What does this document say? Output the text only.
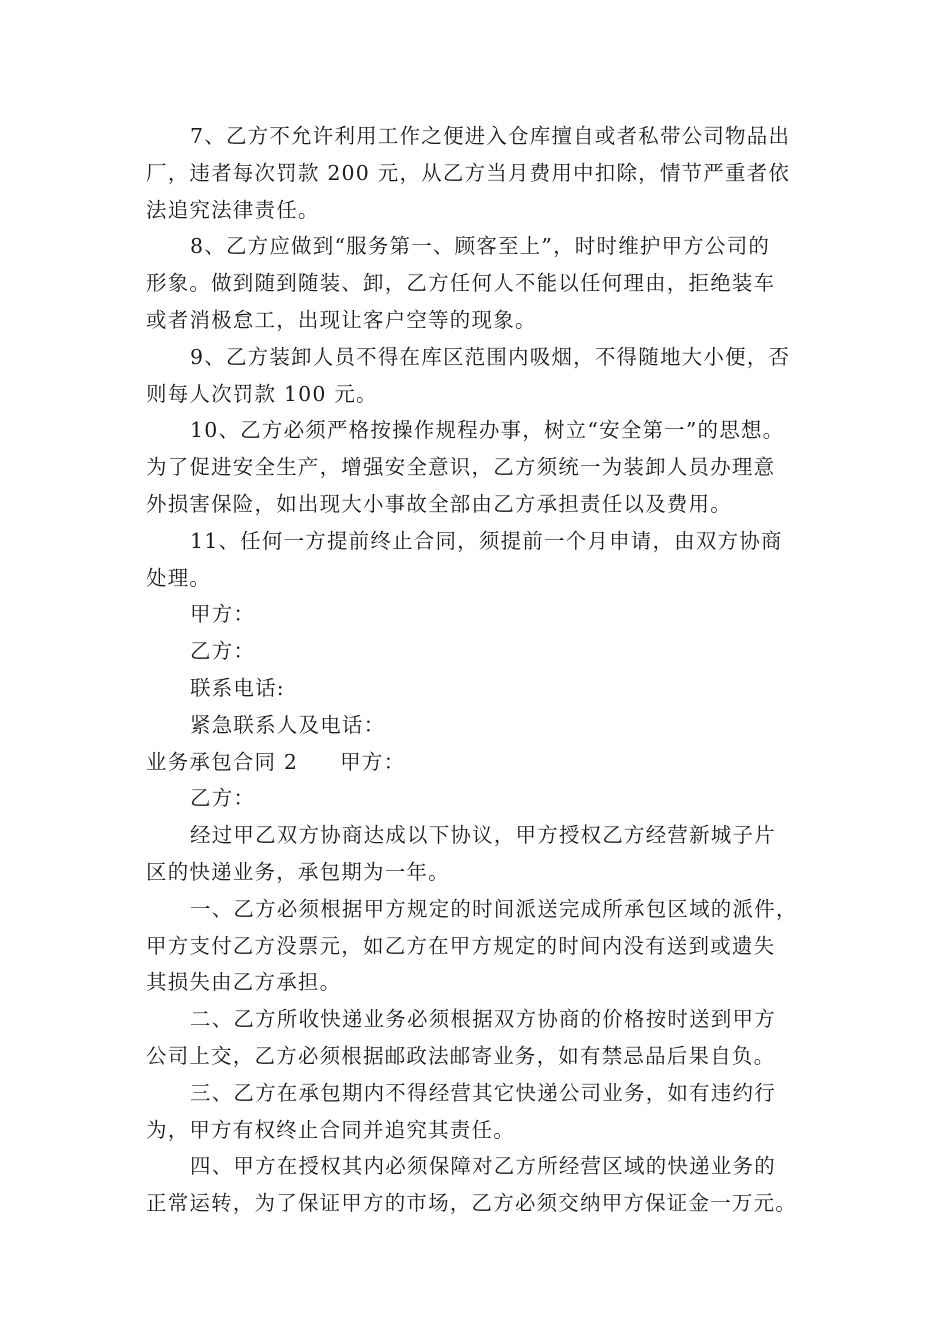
7、乙方不允许利用工作之便进入仓库擅自或者私带公司物品出

厂，违者每次罚款 200 元，从乙方当月费用中扣除，情节严重者依

法追究法律责任。

8、乙方应做到“服务第一、顾客至上”，时时维护甲方公司的

形象。做到随到随装、卸，乙方任何人不能以任何理由，拒绝装车

或者消极怠工，出现让客户空等的现象。

9、乙方装卸人员不得在库区范围内吸烟，不得随地大小便，否

则每人次罚款 100 元。

10、乙方必须严格按操作规程办事，树立“安全第一”的思想。

为了促进安全生产，增强安全意识，乙方须统一为装卸人员办理意

外损害保险，如出现大小事故全部由乙方承担责任以及费用。

11、任何一方提前终止合同，须提前一个月申请，由双方协商

处理。

甲方：

乙方：

联系电话:

紧急联系人及电话：

业务承包合同 2 甲方：

乙方：

经过甲乙双方协商达成以下协议，甲方授权乙方经营新城子片

区的快递业务，承包期为一年。

一、乙方必须根据甲方规定的时间派送完成所承包区域的派件，

甲方支付乙方没票元，如乙方在甲方规定的时间内没有送到或遗失

其损失由乙方承担。

二、乙方所收快递业务必须根据双方协商的价格按时送到甲方

公司上交，乙方必须根据邮政法邮寄业务，如有禁忌品后果自负。

三、乙方在承包期内不得经营其它快递公司业务，如有违约行

为，甲方有权终止合同并追究其责任。

四、甲方在授权其内必须保障对乙方所经营区域的快递业务的

正常运转，为了保证甲方的市场，乙方必须交纳甲方保证金一万元。
